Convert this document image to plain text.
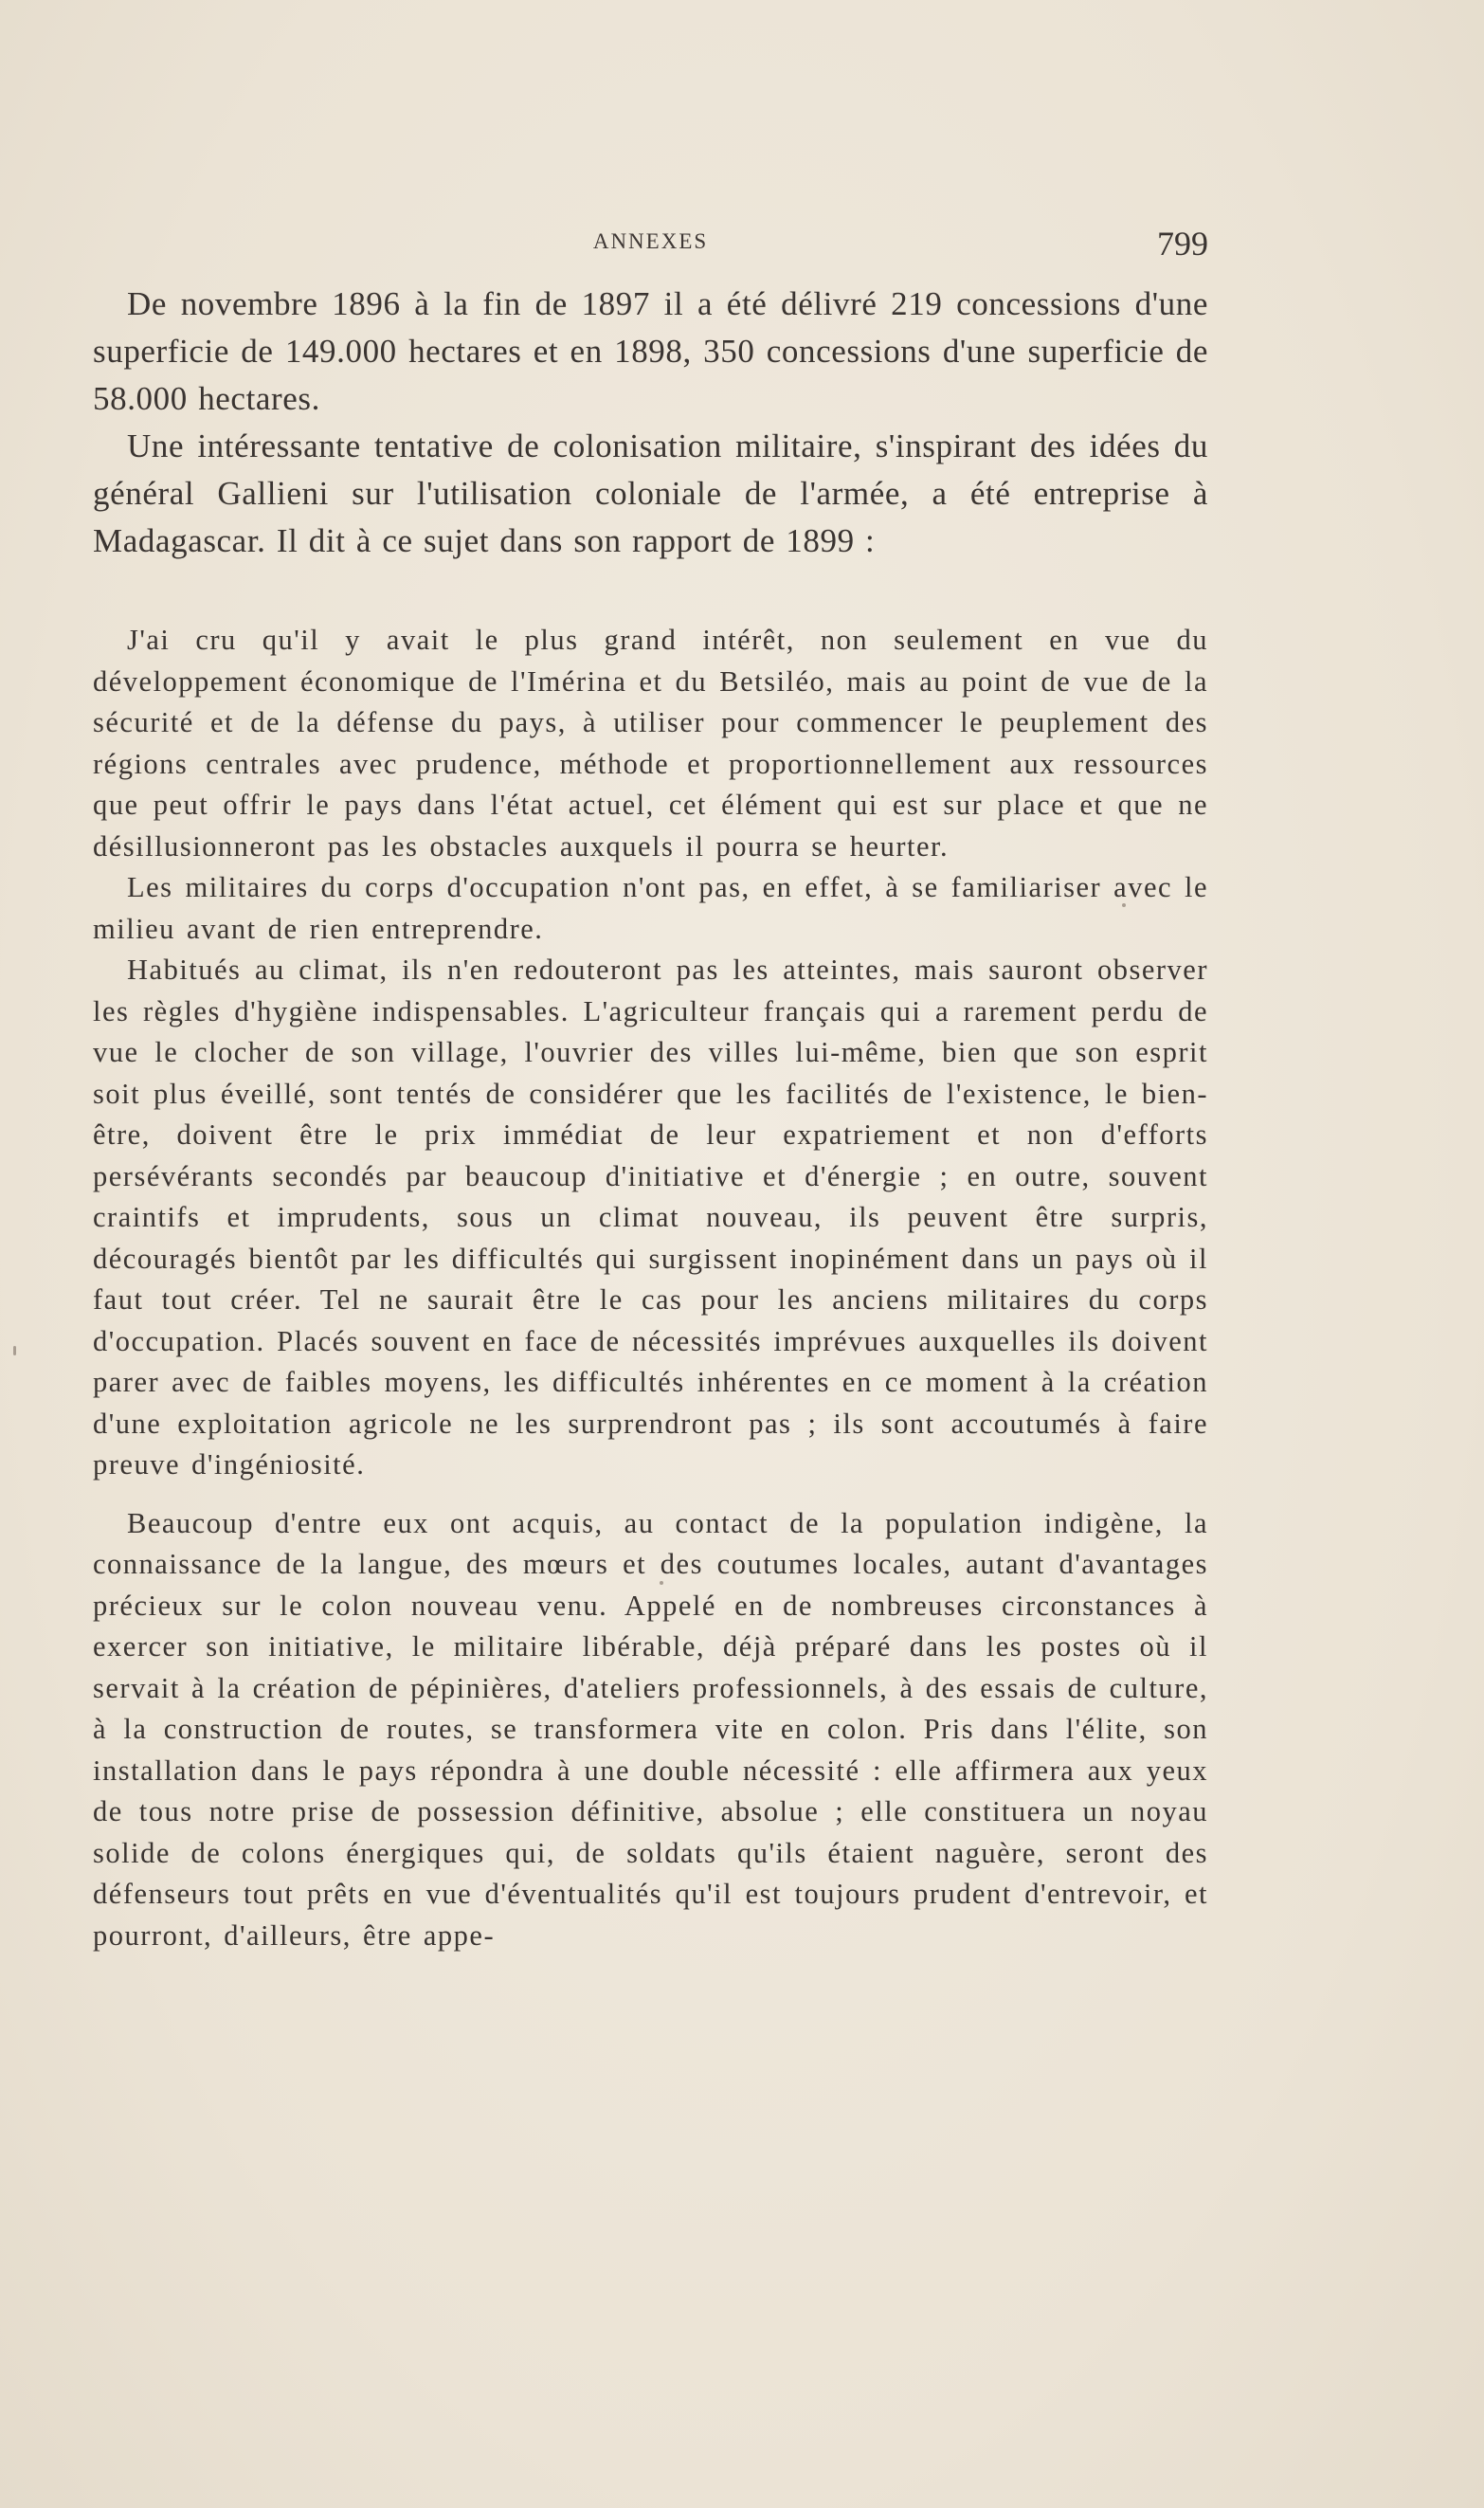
ANNEXES	799

De novembre 1896 à la fin de 1897 il a été délivré 219 concessions d'une superficie de 149.000 hectares et en 1898, 350 concessions d'une superficie de 58.000 hectares.

Une intéressante tentative de colonisation militaire, s'inspirant des idées du général Gallieni sur l'utilisation coloniale de l'armée, a été entreprise à Madagascar. Il dit à ce sujet dans son rapport de 1899 :

J'ai cru qu'il y avait le plus grand intérêt, non seulement en vue du développement économique de l'Imérina et du Betsiléo, mais au point de vue de la sécurité et de la défense du pays, à utiliser pour commencer le peuplement des régions centrales avec prudence, méthode et proportionnellement aux ressources que peut offrir le pays dans l'état actuel, cet élément qui est sur place et que ne désillusionneront pas les obstacles auxquels il pourra se heurter.

Les militaires du corps d'occupation n'ont pas, en effet, à se familiariser avec le milieu avant de rien entreprendre.

Habitués au climat, ils n'en redouteront pas les atteintes, mais sauront observer les règles d'hygiène indispensables. L'agriculteur français qui a rarement perdu de vue le clocher de son village, l'ouvrier des villes lui-même, bien que son esprit soit plus éveillé, sont tentés de considérer que les facilités de l'existence, le bien-être, doivent être le prix immédiat de leur expatriement et non d'efforts persévérants secondés par beaucoup d'initiative et d'énergie ; en outre, souvent craintifs et imprudents, sous un climat nouveau, ils peuvent être surpris, découragés bientôt par les difficultés qui surgissent inopinément dans un pays où il faut tout créer. Tel ne saurait être le cas pour les anciens militaires du corps d'occupation. Placés souvent en face de nécessités imprévues auxquelles ils doivent parer avec de faibles moyens, les difficultés inhérentes en ce moment à la création d'une exploitation agricole ne les surprendront pas ; ils sont accoutumés à faire preuve d'ingéniosité.

Beaucoup d'entre eux ont acquis, au contact de la population indigène, la connaissance de la langue, des mœurs et des coutumes locales, autant d'avantages précieux sur le colon nouveau venu. Appelé en de nombreuses circonstances à exercer son initiative, le militaire libérable, déjà préparé dans les postes où il servait à la création de pépinières, d'ateliers professionnels, à des essais de culture, à la construction de routes, se transformera vite en colon. Pris dans l'élite, son installation dans le pays répondra à une double nécessité : elle affirmera aux yeux de tous notre prise de possession définitive, absolue ; elle constituera un noyau solide de colons énergiques qui, de soldats qu'ils étaient naguère, seront des défenseurs tout prêts en vue d'éventualités qu'il est toujours prudent d'entrevoir, et pourront, d'ailleurs, être appe-
